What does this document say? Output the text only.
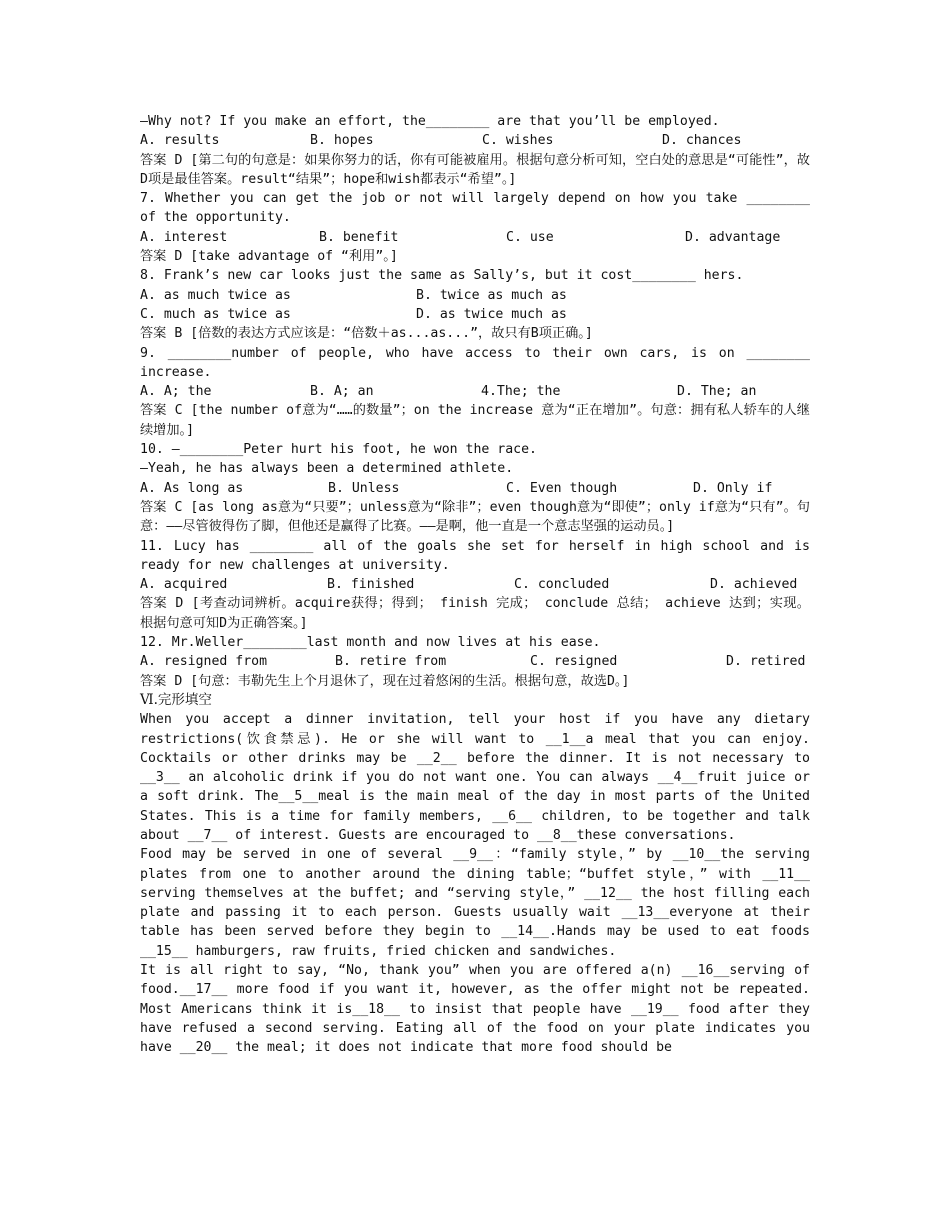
—Why not? If you make an effort, the________ are that you’ll be employed.

A. results	B. hopes	C. wishes	D. chances

答案 D [第二句的句意是：如果你努力的话，你有可能被雇用。根据句意分析可知，空白处的意思是“可能性”，故D项是最佳答案。result“结果”；hope和wish都表示“希望”。]

7. Whether you can get the job or not will largely depend on how you take ________ of the opportunity.

A. interest	B. benefit	C. use	D. advantage

答案 D [take advantage of “利用”。]

8. Frank’s new car looks just the same as Sally’s, but it cost________ hers.

A. as much twice as	B. twice as much as
C. much as twice as	D. as twice much as

答案 B [倍数的表达方式应该是：“倍数＋as...as...”，故只有B项正确。]

9. ________number of people, who have access to their own cars, is on ________ increase.

A. A; the	B. A; an	4.The; the	D. The; an

答案 C [the number of意为“……的数量”；on the increase 意为“正在增加”。句意：拥有私人轿车的人继续增加。]

10. —________Peter hurt his foot, he won the race.

—Yeah, he has always been a determined athlete.

A. As long as	B. Unless	C. Even though	D. Only if

答案 C [as long as意为“只要”；unless意为“除非”；even though意为“即使”；only if意为“只有”。句意：——尽管彼得伤了脚，但他还是赢得了比赛。——是啊，他一直是一个意志坚强的运动员。]

11. Lucy has ________ all of the goals she set for herself in high school and is ready for new challenges at university.

A. acquired	B. finished	C. concluded	D. achieved

答案 D [考查动词辨析。acquire获得；得到； finish 完成； conclude 总结； achieve 达到；实现。根据句意可知D为正确答案。]

12. Mr.Weller________last month and now lives at his ease.

A. resigned from	B. retire from	C. resigned	D. retired

答案 D [句意：韦勒先生上个月退休了，现在过着悠闲的生活。根据句意，故选D。]

Ⅵ.完形填空

When you accept a dinner invitation, tell your host if you have any dietary restrictions(饮食禁忌). He or she will want to __1__a meal that you can enjoy. Cocktails or other drinks may be __2__ before the dinner. It is not necessary to __3__ an alcoholic drink if you do not want one. You can always __4__fruit juice or a soft drink. The__5__meal is the main meal of the day in most parts of the United States. This is a time for family members, __6__ children, to be together and talk about __7__ of interest. Guests are encouraged to __8__these conversations.

Food may be served in one of several __9__：“family style，” by __10__the serving plates from one to another around the dining table；“buffet style，” with __11__ serving themselves at the buffet; and “serving style，” __12__ the host filling each plate and passing it to each person. Guests usually wait __13__everyone at their table has been served before they begin to __14__.Hands may be used to eat foods __15__ hamburgers, raw fruits, fried chicken and sandwiches.

It is all right to say, “No, thank you” when you are offered a(n) __16__serving of food.__17__ more food if you want it, however, as the offer might not be repeated. Most Americans think it is__18__ to insist that people have __19__ food after they have refused a second serving. Eating all of the food on your plate indicates you have __20__ the meal; it does not indicate that more food should be
